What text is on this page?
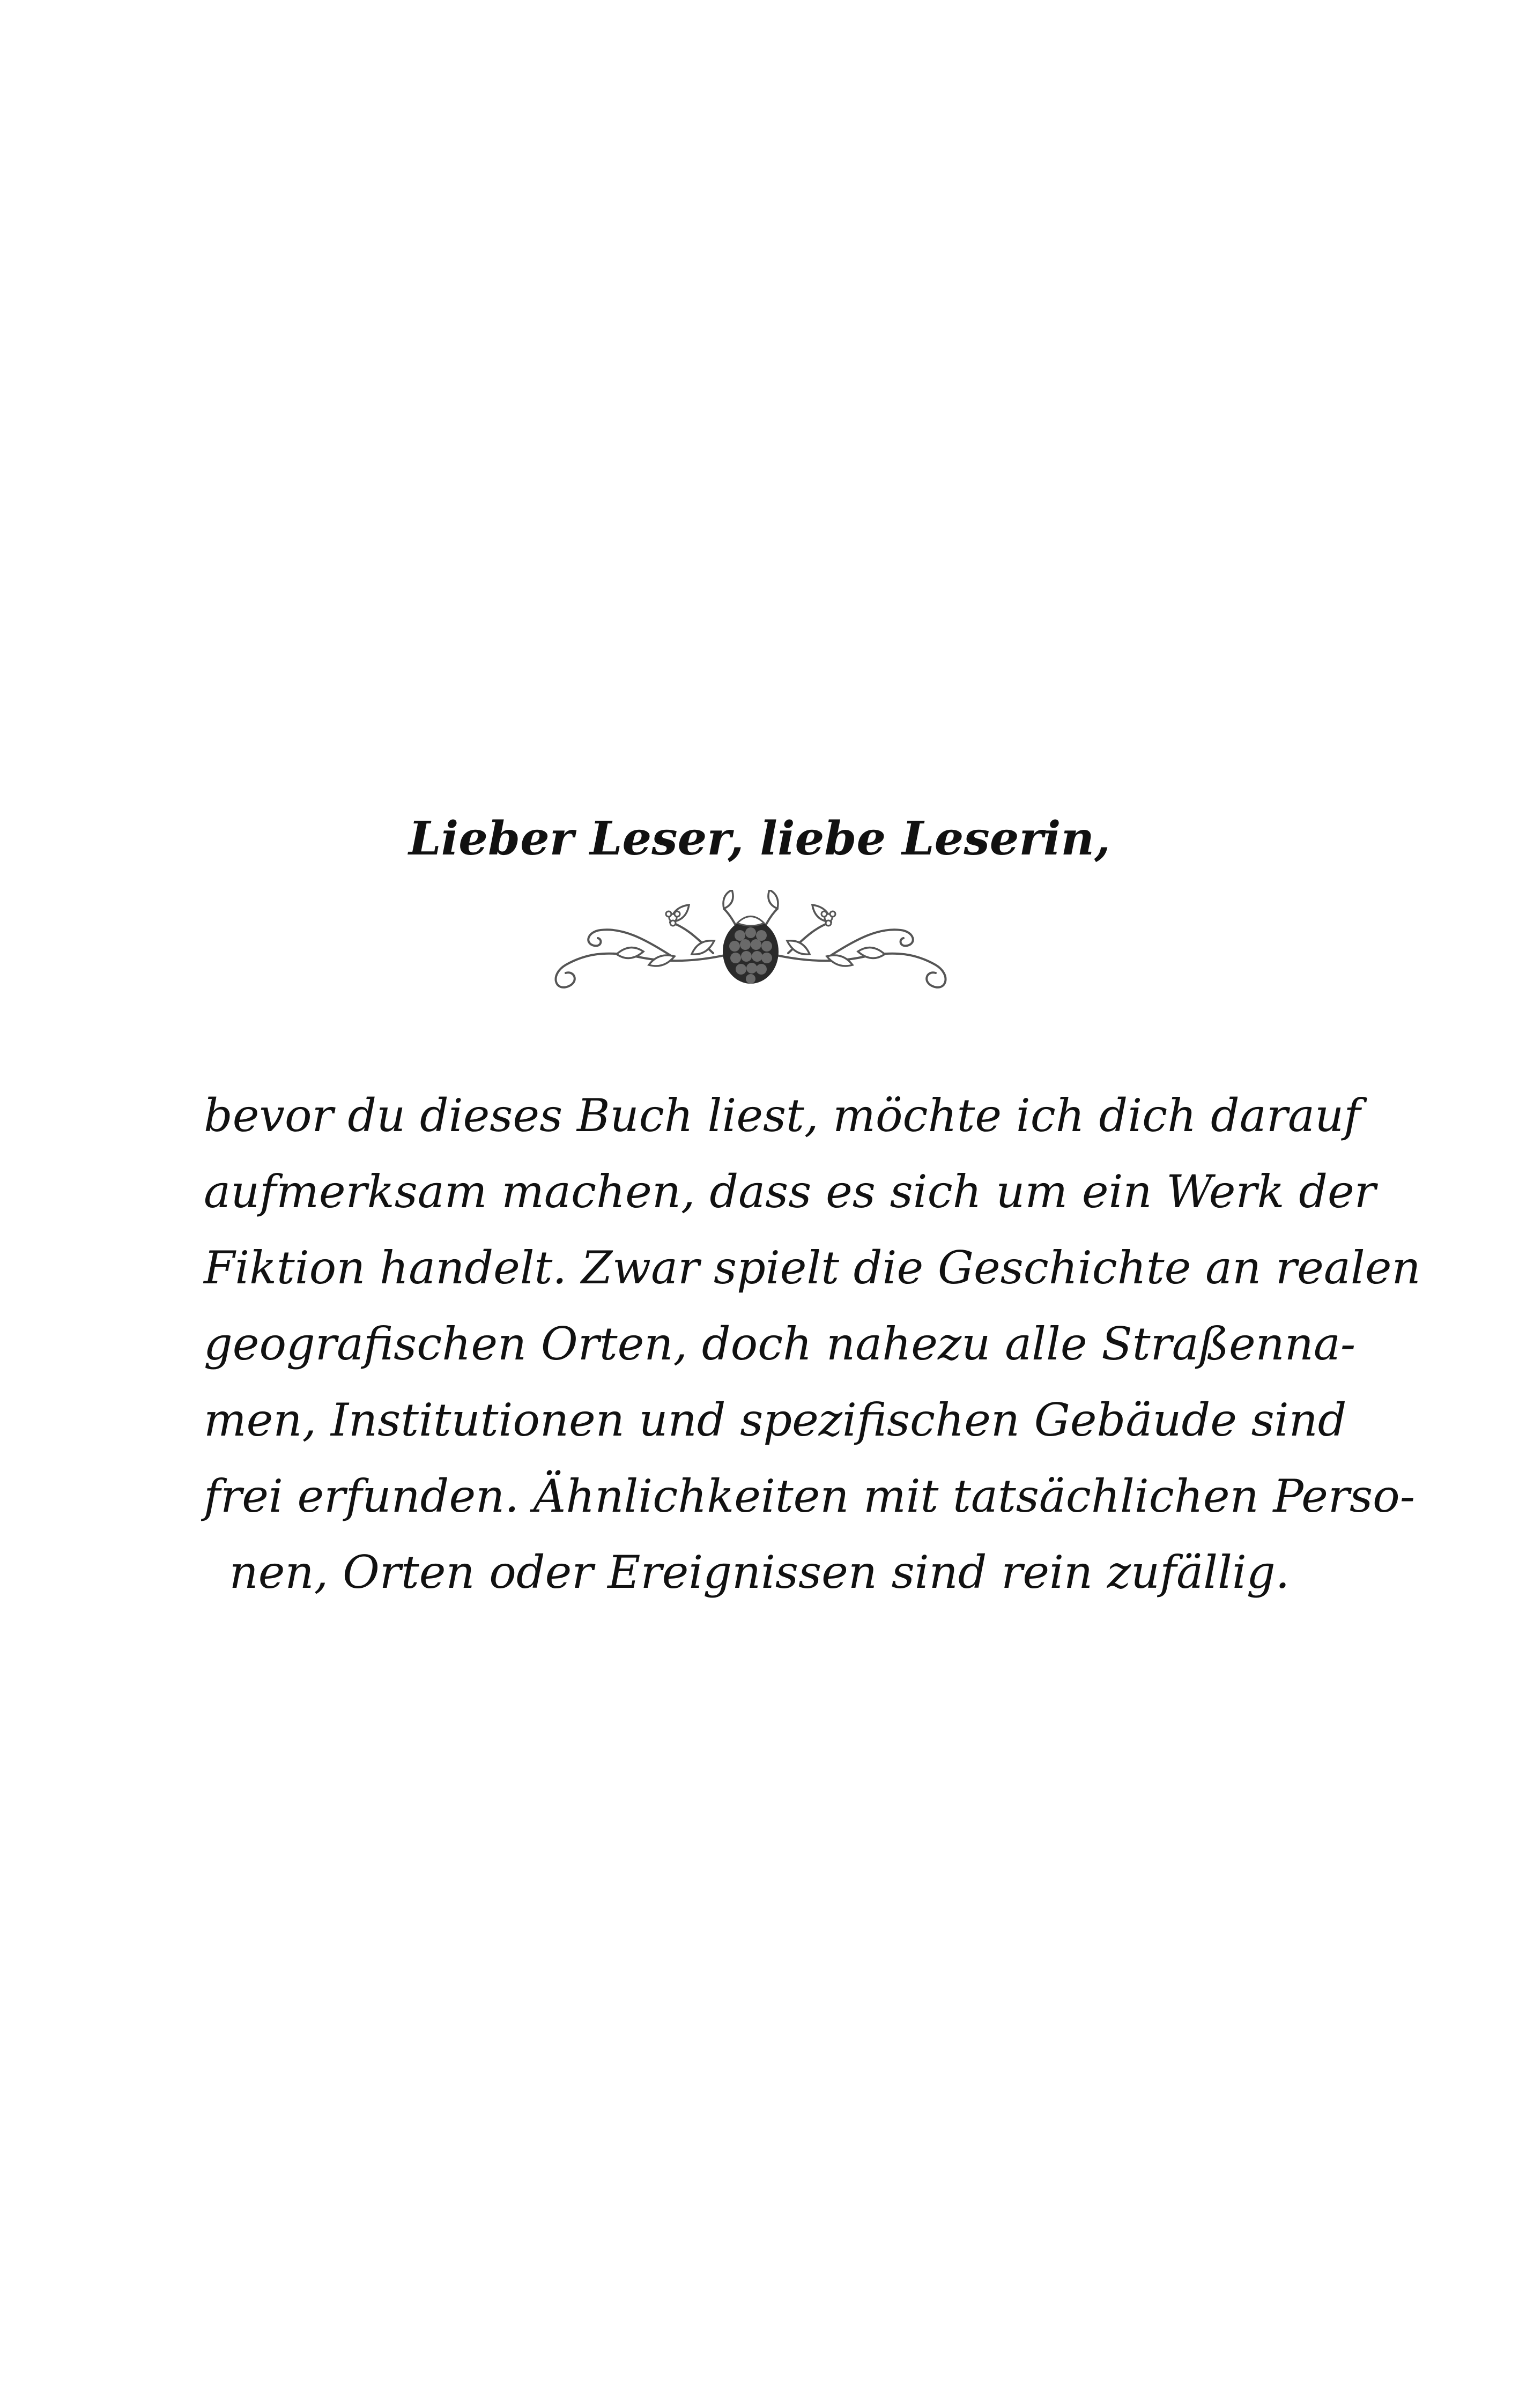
Lieber Leser, liebe Leserin,

bevor du dieses Buch liest, möchte ich dich darauf
aufmerksam machen, dass es sich um ein Werk der
Fiktion handelt. Zwar spielt die Geschichte an realen
geografischen Orten, doch nahezu alle Straßenna-
men, Institutionen und spezifischen Gebäude sind
frei erfunden. Ähnlichkeiten mit tatsächlichen Perso-
nen, Orten oder Ereignissen sind rein zufällig.
